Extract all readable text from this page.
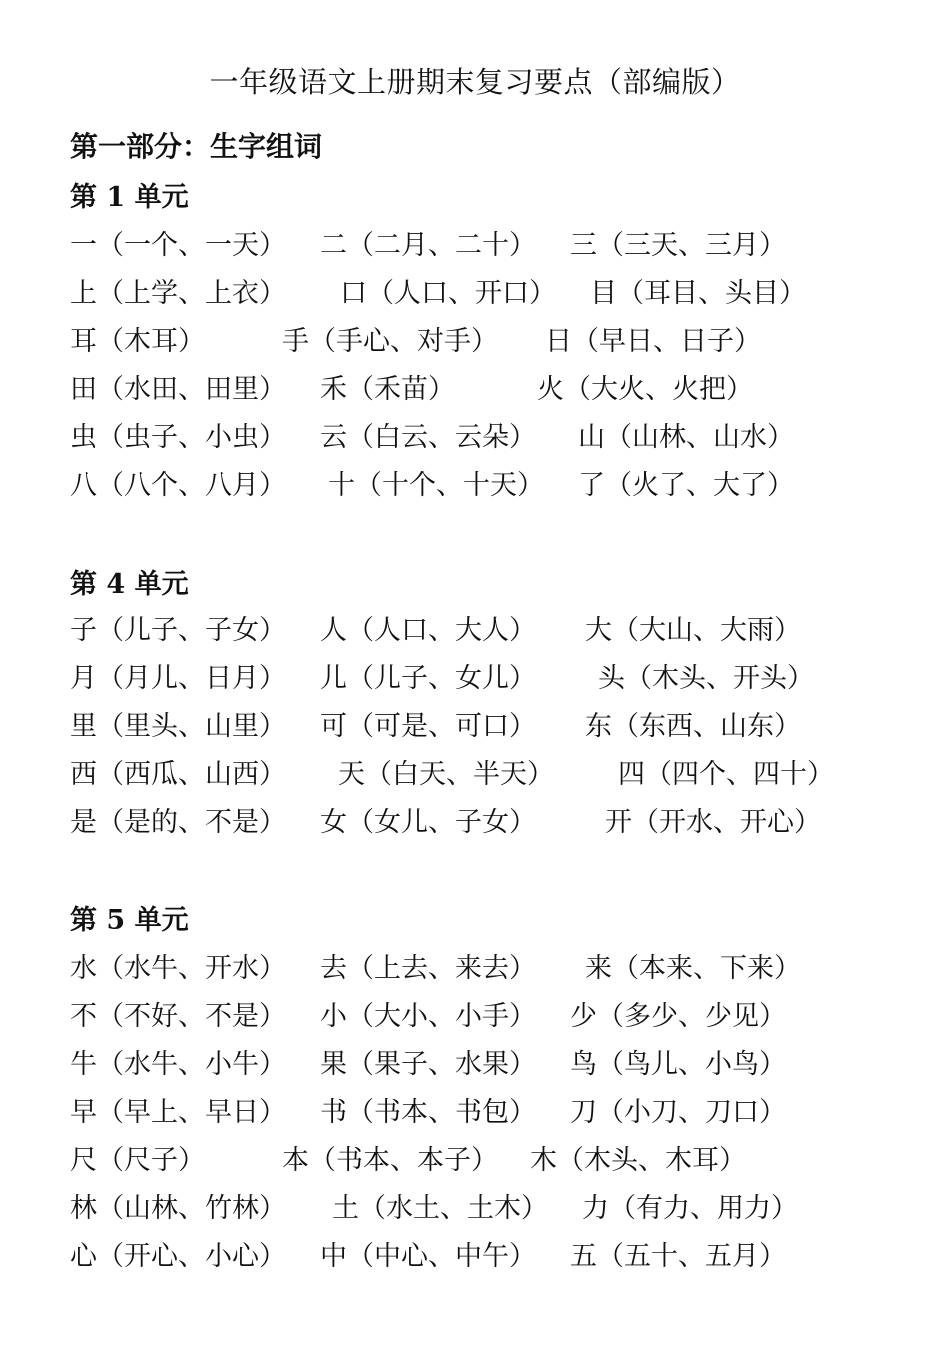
一年级语文上册期末复习要点（部编版）
第一部分：生字组词
第 1 单元
一（一个、一天） 二（二月、二十） 三（三天、三月）
上（上学、上衣） 口（人口、开口） 目（耳目、头目）
耳（木耳）	手（手心、对手） 日（早日、日子）
田（水田、田里） 禾（禾苗）	火（大火、火把）
虫（虫子、小虫） 云（白云、云朵） 山（山林、山水）
八（八个、八月） 十（十个、十天） 了（火了、大了）
第 4 单元
子（儿子、子女） 人（人口、大人） 大（大山、大雨）
月（月儿、日月） 儿（儿子、女儿） 头（木头、开头）
里（里头、山里） 可（可是、可口） 东（东西、山东）
西（西瓜、山西） 天（白天、半天） 四（四个、四十）
是（是的、不是） 女（女儿、子女）	开（开水、开心）
第 5 单元
水（水牛、开水） 去（上去、来去） 来（本来、下来）
不（不好、不是） 小（大小、小手） 少（多少、少见）
牛（水牛、小牛） 果（果子、水果） 鸟（鸟儿、小鸟）
早（早上、早日） 书（书本、书包） 刀（小刀、刀口）
尺（尺子）	本（书本、本子） 木（木头、木耳）
林（山林、竹林） 土（水土、土木） 力（有力、用力）
心（开心、小心） 中（中心、中午） 五（五十、五月）
